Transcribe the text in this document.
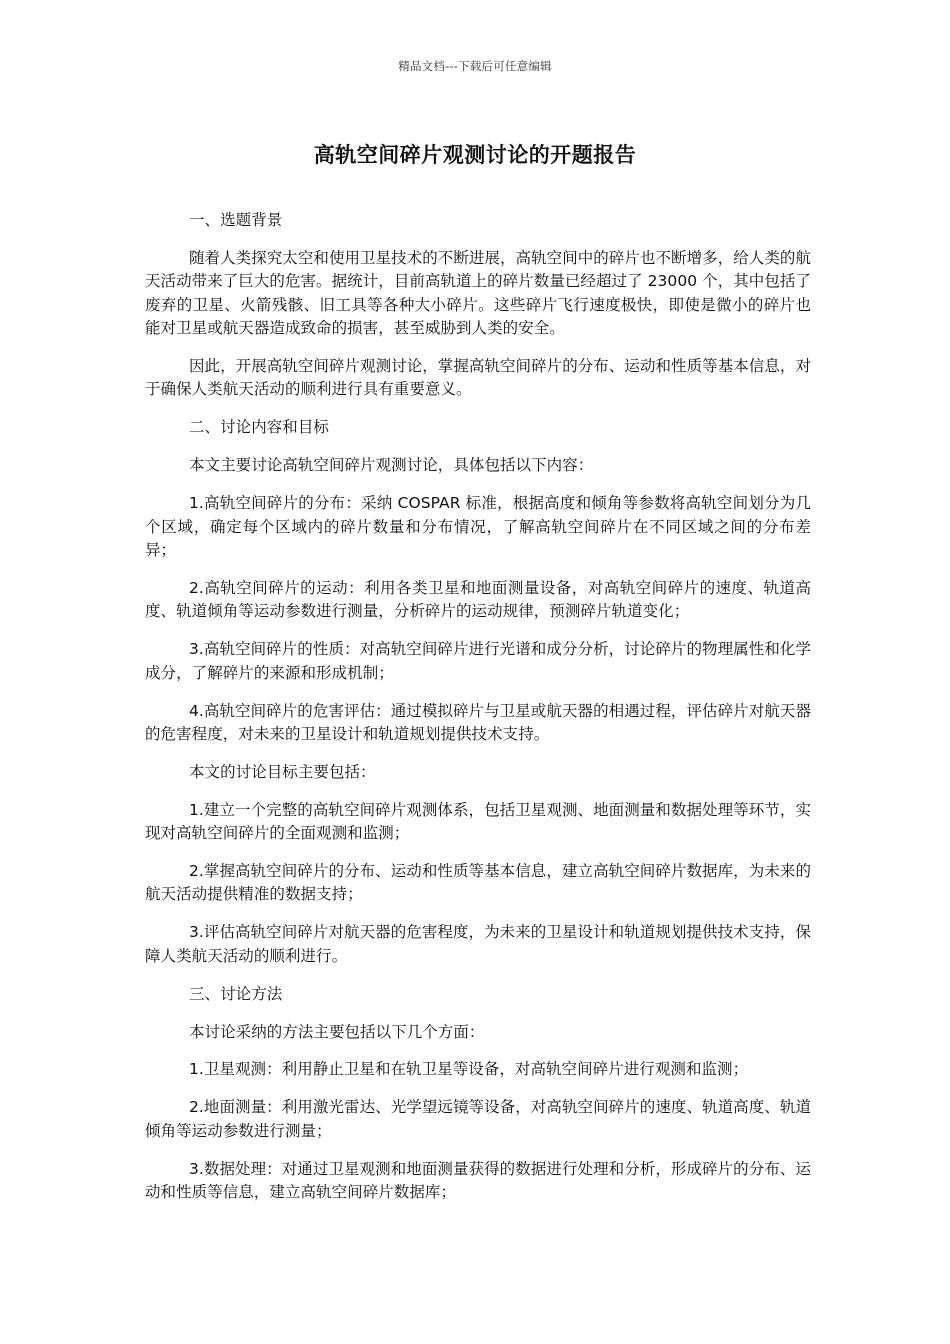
精品文档---下载后可任意编辑
高轨空间碎片观测讨论的开题报告

一、选题背景

随着人类探究太空和使用卫星技术的不断进展，高轨空间中的碎片也不断增多，给人类的航天活动带来了巨大的危害。据统计，目前高轨道上的碎片数量已经超过了 23000 个，其中包括了废弃的卫星、火箭残骸、旧工具等各种大小碎片。这些碎片飞行速度极快，即使是微小的碎片也能对卫星或航天器造成致命的损害，甚至威胁到人类的安全。

因此，开展高轨空间碎片观测讨论，掌握高轨空间碎片的分布、运动和性质等基本信息，对于确保人类航天活动的顺利进行具有重要意义。

二、讨论内容和目标

本文主要讨论高轨空间碎片观测讨论，具体包括以下内容：

1.高轨空间碎片的分布：采纳 COSPAR 标准，根据高度和倾角等参数将高轨空间划分为几个区域，确定每个区域内的碎片数量和分布情况，了解高轨空间碎片在不同区域之间的分布差异；

2.高轨空间碎片的运动：利用各类卫星和地面测量设备，对高轨空间碎片的速度、轨道高度、轨道倾角等运动参数进行测量，分析碎片的运动规律，预测碎片轨道变化；

3.高轨空间碎片的性质：对高轨空间碎片进行光谱和成分分析，讨论碎片的物理属性和化学成分，了解碎片的来源和形成机制；

4.高轨空间碎片的危害评估：通过模拟碎片与卫星或航天器的相遇过程，评估碎片对航天器的危害程度，对未来的卫星设计和轨道规划提供技术支持。

本文的讨论目标主要包括：

1.建立一个完整的高轨空间碎片观测体系，包括卫星观测、地面测量和数据处理等环节，实现对高轨空间碎片的全面观测和监测；

2.掌握高轨空间碎片的分布、运动和性质等基本信息，建立高轨空间碎片数据库，为未来的航天活动提供精准的数据支持；

3.评估高轨空间碎片对航天器的危害程度，为未来的卫星设计和轨道规划提供技术支持，保障人类航天活动的顺利进行。

三、讨论方法

本讨论采纳的方法主要包括以下几个方面：

1.卫星观测：利用静止卫星和在轨卫星等设备，对高轨空间碎片进行观测和监测；

2.地面测量：利用激光雷达、光学望远镜等设备，对高轨空间碎片的速度、轨道高度、轨道倾角等运动参数进行测量；

3.数据处理：对通过卫星观测和地面测量获得的数据进行处理和分析，形成碎片的分布、运动和性质等信息，建立高轨空间碎片数据库；
